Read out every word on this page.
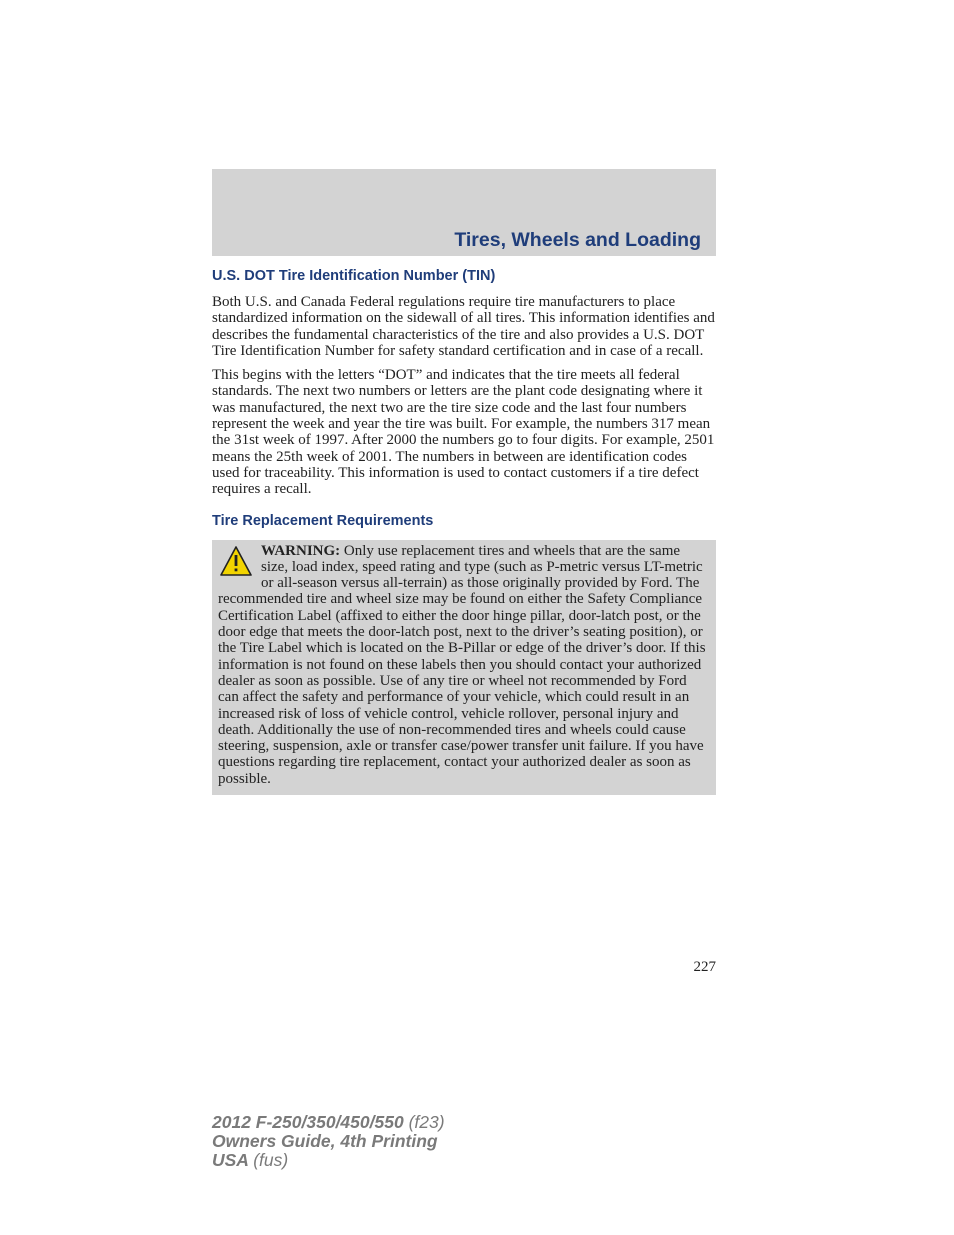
Tires, Wheels and Loading
U.S. DOT Tire Identification Number (TIN)

Both U.S. and Canada Federal regulations require tire manufacturers to place standardized information on the sidewall of all tires. This information identifies and describes the fundamental characteristics of the tire and also provides a U.S. DOT Tire Identification Number for safety standard certification and in case of a recall.

This begins with the letters “DOT” and indicates that the tire meets all federal standards. The next two numbers or letters are the plant code designating where it was manufactured, the next two are the tire size code and the last four numbers represent the week and year the tire was built. For example, the numbers 317 mean the 31st week of 1997. After 2000 the numbers go to four digits. For example, 2501 means the 25th week of 2001. The numbers in between are identification codes used for traceability. This information is used to contact customers if a tire defect requires a recall.

Tire Replacement Requirements

WARNING: Only use replacement tires and wheels that are the same size, load index, speed rating and type (such as P-metric versus LT-metric or all-season versus all-terrain) as those originally provided by Ford. The recommended tire and wheel size may be found on either the Safety Compliance Certification Label (affixed to either the door hinge pillar, door-latch post, or the door edge that meets the door-latch post, next to the driver’s seating position), or the Tire Label which is located on the B-Pillar or edge of the driver’s door. If this information is not found on these labels then you should contact your authorized dealer as soon as possible. Use of any tire or wheel not recommended by Ford can affect the safety and performance of your vehicle, which could result in an increased risk of loss of vehicle control, vehicle rollover, personal injury and death. Additionally the use of non-recommended tires and wheels could cause steering, suspension, axle or transfer case/power transfer unit failure. If you have questions regarding tire replacement, contact your authorized dealer as soon as possible.

227
2012 F-250/350/450/550 (f23)
Owners Guide, 4th Printing
USA (fus)
